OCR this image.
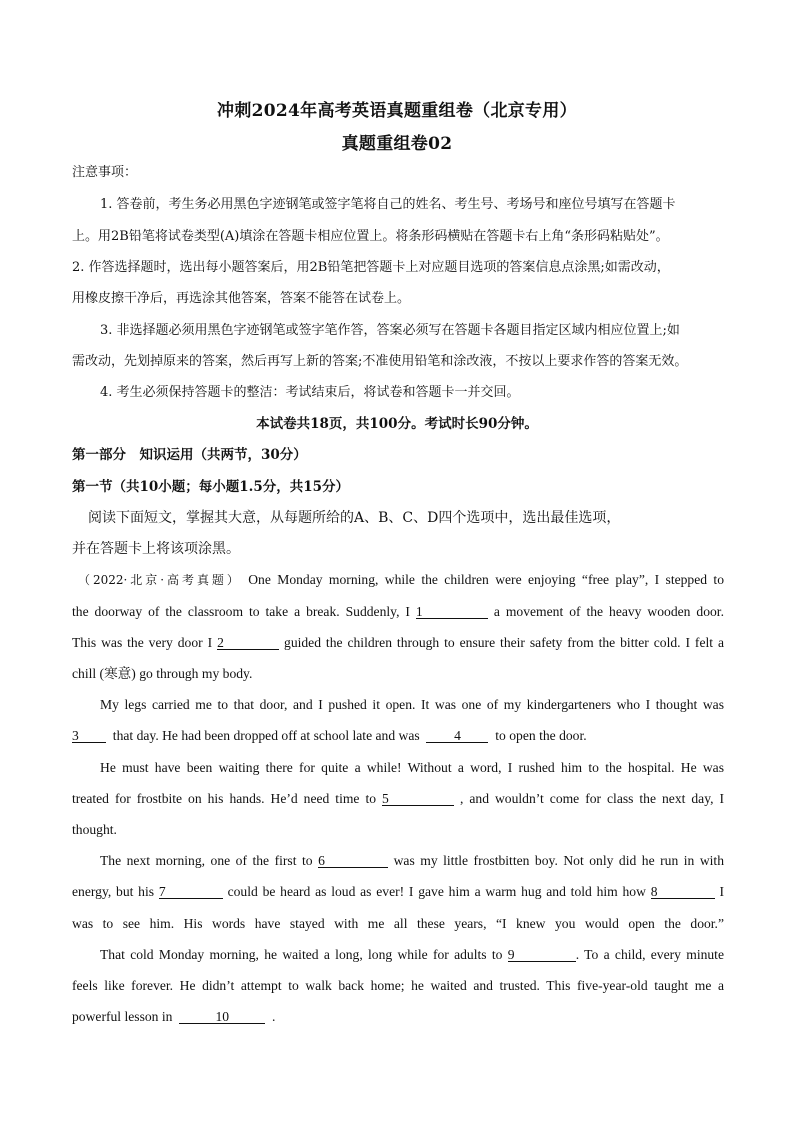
冲刺2024年高考英语真题重组卷（北京专用）
真题重组卷02
注意事项：
1. 答卷前，考生务必用黑色字迹钢笔或签字笔将自己的姓名、考生号、考场号和座位号填写在答题卡
上。用2B铅笔将试卷类型(A)填涂在答题卡相应位置上。将条形码横贴在答题卡右上角“条形码粘贴处”。
2. 作答选择题时，选出每小题答案后，用2B铅笔把答题卡上对应题目选项的答案信息点涂黑;如需改动，
用橡皮擦干净后，再选涂其他答案，答案不能答在试卷上。
3. 非选择题必须用黑色字迹钢笔或签字笔作答，答案必须写在答题卡各题目指定区域内相应位置上;如
需改动，先划掉原来的答案，然后再写上新的答案;不准使用铅笔和涂改液，不按以上要求作答的答案无效。
4. 考生必须保持答题卡的整洁：考试结束后，将试卷和答题卡一并交回。
本试卷共18页，共100分。考试时长90分钟。
第一部分　知识运用（共两节，30分）
第一节（共10小题；每小题1.5分，共15分）
阅读下面短文，掌握其大意，从每题所给的A、B、C、D四个选项中，选出最佳选项，
并在答题卡上将该项涂黑。
（2022·北京·高考真题） One Monday morning, while the children were enjoying “free play”, I stepped to
the doorway of the classroom to take a break. Suddenly, I 1	a movement of the heavy wooden door.
This was the very door I 2	guided the children through to ensure their safety from the bitter cold. I felt a
chill (寒意) go through my body.
My legs carried me to that door, and I pushed it open. It was one of my kindergarteners who I thought was
3	that day. He had been dropped off at school late and was	4	to open the door.
He must have been waiting there for quite a while! Without a word, I rushed him to the hospital. He was
treated for frostbite on his hands. He’d need time to 5	, and wouldn’t come for class the next day, I
thought.
The next morning, one of the first to 6	was my little frostbitten boy. Not only did he run in with
energy, but his 7	could be heard as loud as ever! I gave him a warm hug and told him how 8	I
was to see him. His words have stayed with me all these years, “I knew you would open the door.”
That cold Monday morning, he waited a long, long while for adults to 9	. To a child, every minute
feels like forever. He didn’t attempt to walk back home; he waited and trusted. This five-year-old taught me a
powerful lesson in	10	.
